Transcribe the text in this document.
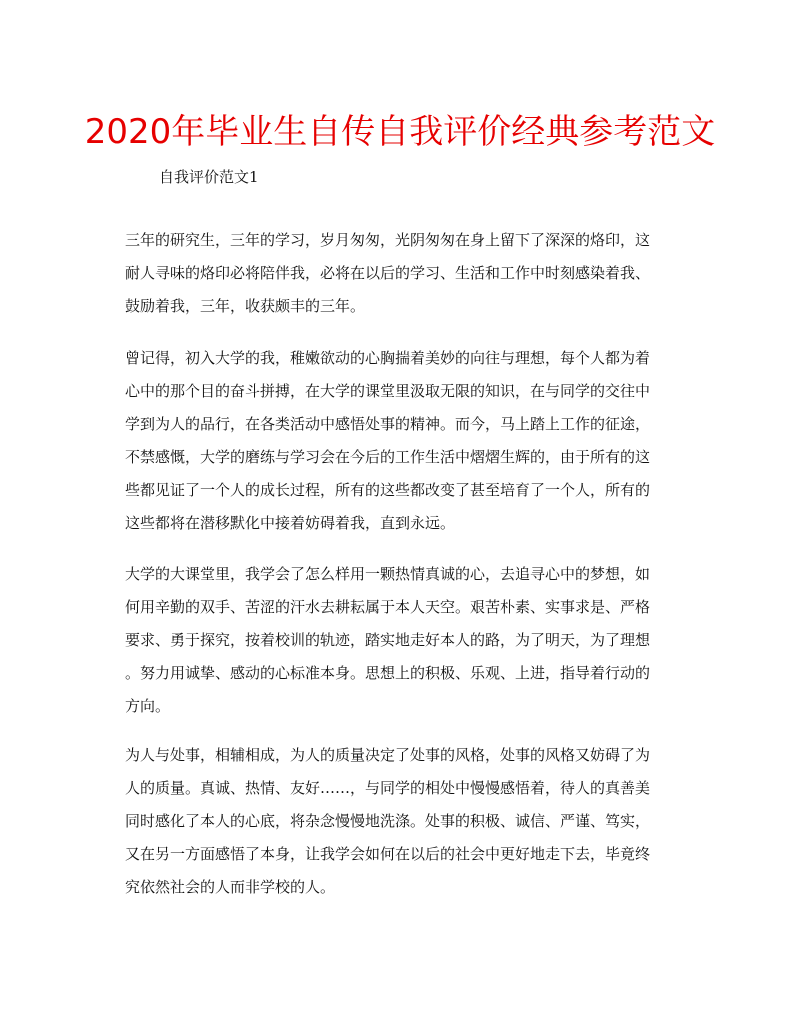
2020年毕业生自传自我评价经典参考范文
自我评价范文1
三年的研究生，三年的学习，岁月匆匆，光阴匆匆在身上留下了深深的烙印，这
耐人寻味的烙印必将陪伴我，必将在以后的学习、生活和工作中时刻感染着我、
鼓励着我，三年，收获颇丰的三年。
曾记得，初入大学的我，稚嫩欲动的心胸揣着美妙的向往与理想，每个人都为着
心中的那个目的奋斗拼搏，在大学的课堂里汲取无限的知识，在与同学的交往中
学到为人的品行，在各类活动中感悟处事的精神。而今，马上踏上工作的征途，
不禁感慨，大学的磨练与学习会在今后的工作生活中熠熠生辉的，由于所有的这
些都见证了一个人的成长过程，所有的这些都改变了甚至培育了一个人，所有的
这些都将在潜移默化中接着妨碍着我，直到永远。
大学的大课堂里，我学会了怎么样用一颗热情真诚的心，去追寻心中的梦想，如
何用辛勤的双手、苦涩的汗水去耕耘属于本人天空。艰苦朴素、实事求是、严格
要求、勇于探究，按着校训的轨迹，踏实地走好本人的路，为了明天，为了理想
。努力用诚挚、感动的心标准本身。思想上的积极、乐观、上进，指导着行动的
方向。
为人与处事，相辅相成，为人的质量决定了处事的风格，处事的风格又妨碍了为
人的质量。真诚、热情、友好……，与同学的相处中慢慢感悟着，待人的真善美
同时感化了本人的心底，将杂念慢慢地洗涤。处事的积极、诚信、严谨、笃实，
又在另一方面感悟了本身，让我学会如何在以后的社会中更好地走下去，毕竟终
究依然社会的人而非学校的人。
